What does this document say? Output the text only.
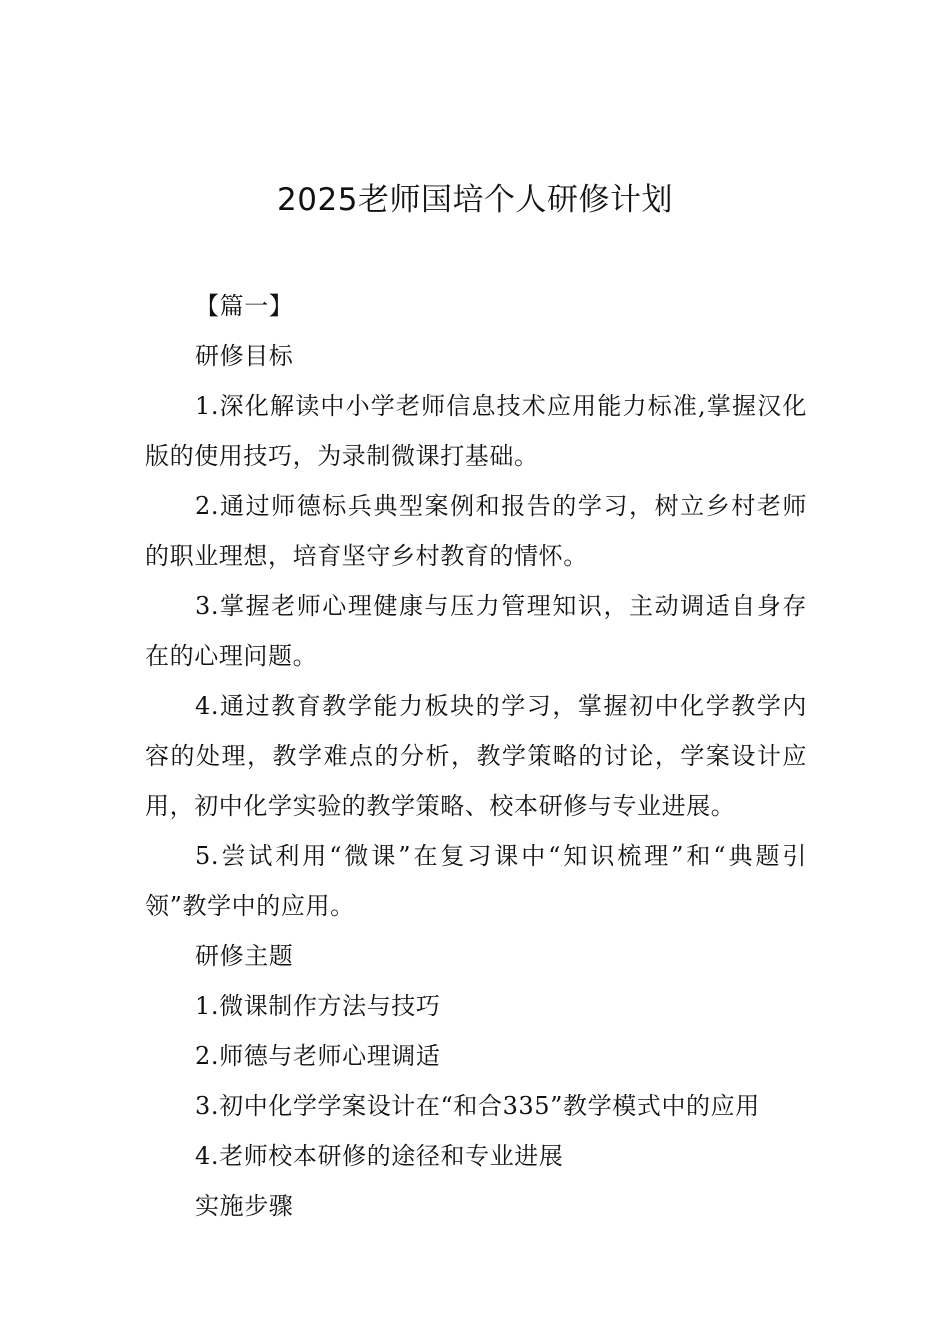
2025老师国培个人研修计划

【篇一】

研修目标

1.深化解读中小学老师信息技术应用能力标准,掌握汉化版的使用技巧，为录制微课打基础。

2.通过师德标兵典型案例和报告的学习，树立乡村老师的职业理想，培育坚守乡村教育的情怀。

3.掌握老师心理健康与压力管理知识，主动调适自身存在的心理问题。

4.通过教育教学能力板块的学习，掌握初中化学教学内容的处理，教学难点的分析，教学策略的讨论，学案设计应用，初中化学实验的教学策略、校本研修与专业进展。

5.尝试利用“微课”在复习课中“知识梳理”和“典题引领”教学中的应用。

研修主题

1.微课制作方法与技巧

2.师德与老师心理调适

3.初中化学学案设计在“和合335”教学模式中的应用

4.老师校本研修的途径和专业进展

实施步骤
